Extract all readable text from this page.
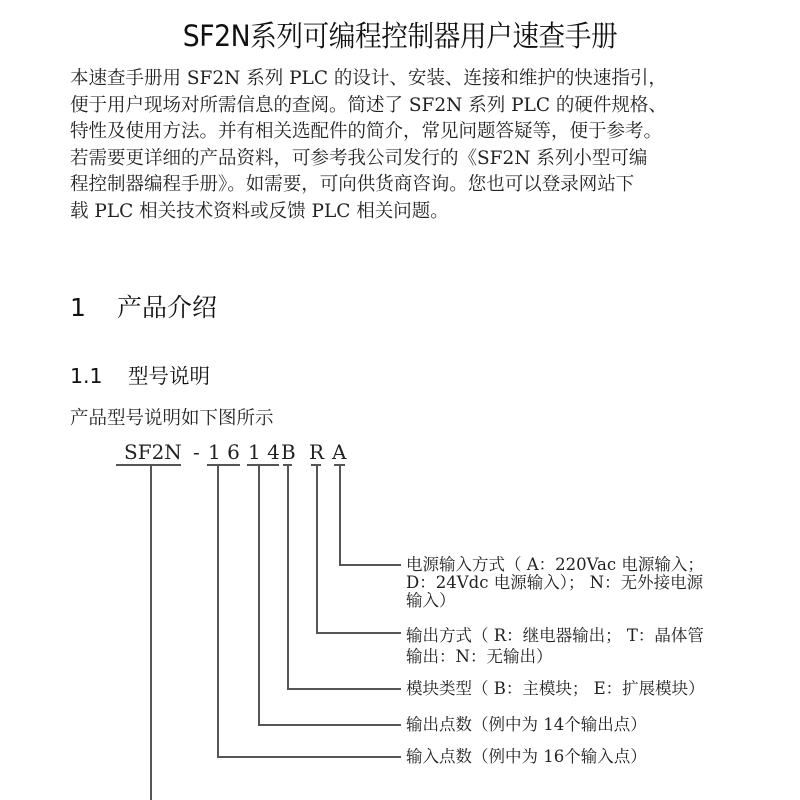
SF2N系列可编程控制器用户速查手册
本速查手册用 SF2N 系列 PLC 的设计、安装、连接和维护的快速指引，
便于用户现场对所需信息的查阅。简述了 SF2N 系列 PLC 的硬件规格、
特性及使用方法。并有相关选配件的简介，常见问题答疑等，便于参考。
若需要更详细的产品资料，可参考我公司发行的《SF2N 系列小型可编
程控制器编程手册》。如需要，可向供货商咨询。您也可以登录网站下
载 PLC 相关技术资料或反馈 PLC 相关问题。
1 产品介绍
1.1 型号说明
产品型号说明如下图所示
SF2N - 1 6 1 4 B R A
电源输入方式（ A：220Vac 电源输入；
D：24Vdc 电源输入）； N：无外接电源
输入）
输出方式（ R：继电器输出； T：晶体管
输出：N：无输出）
模块类型（ B：主模块； E：扩展模块）
输出点数（例中为 14个输出点）
输入点数（例中为 16个输入点）
